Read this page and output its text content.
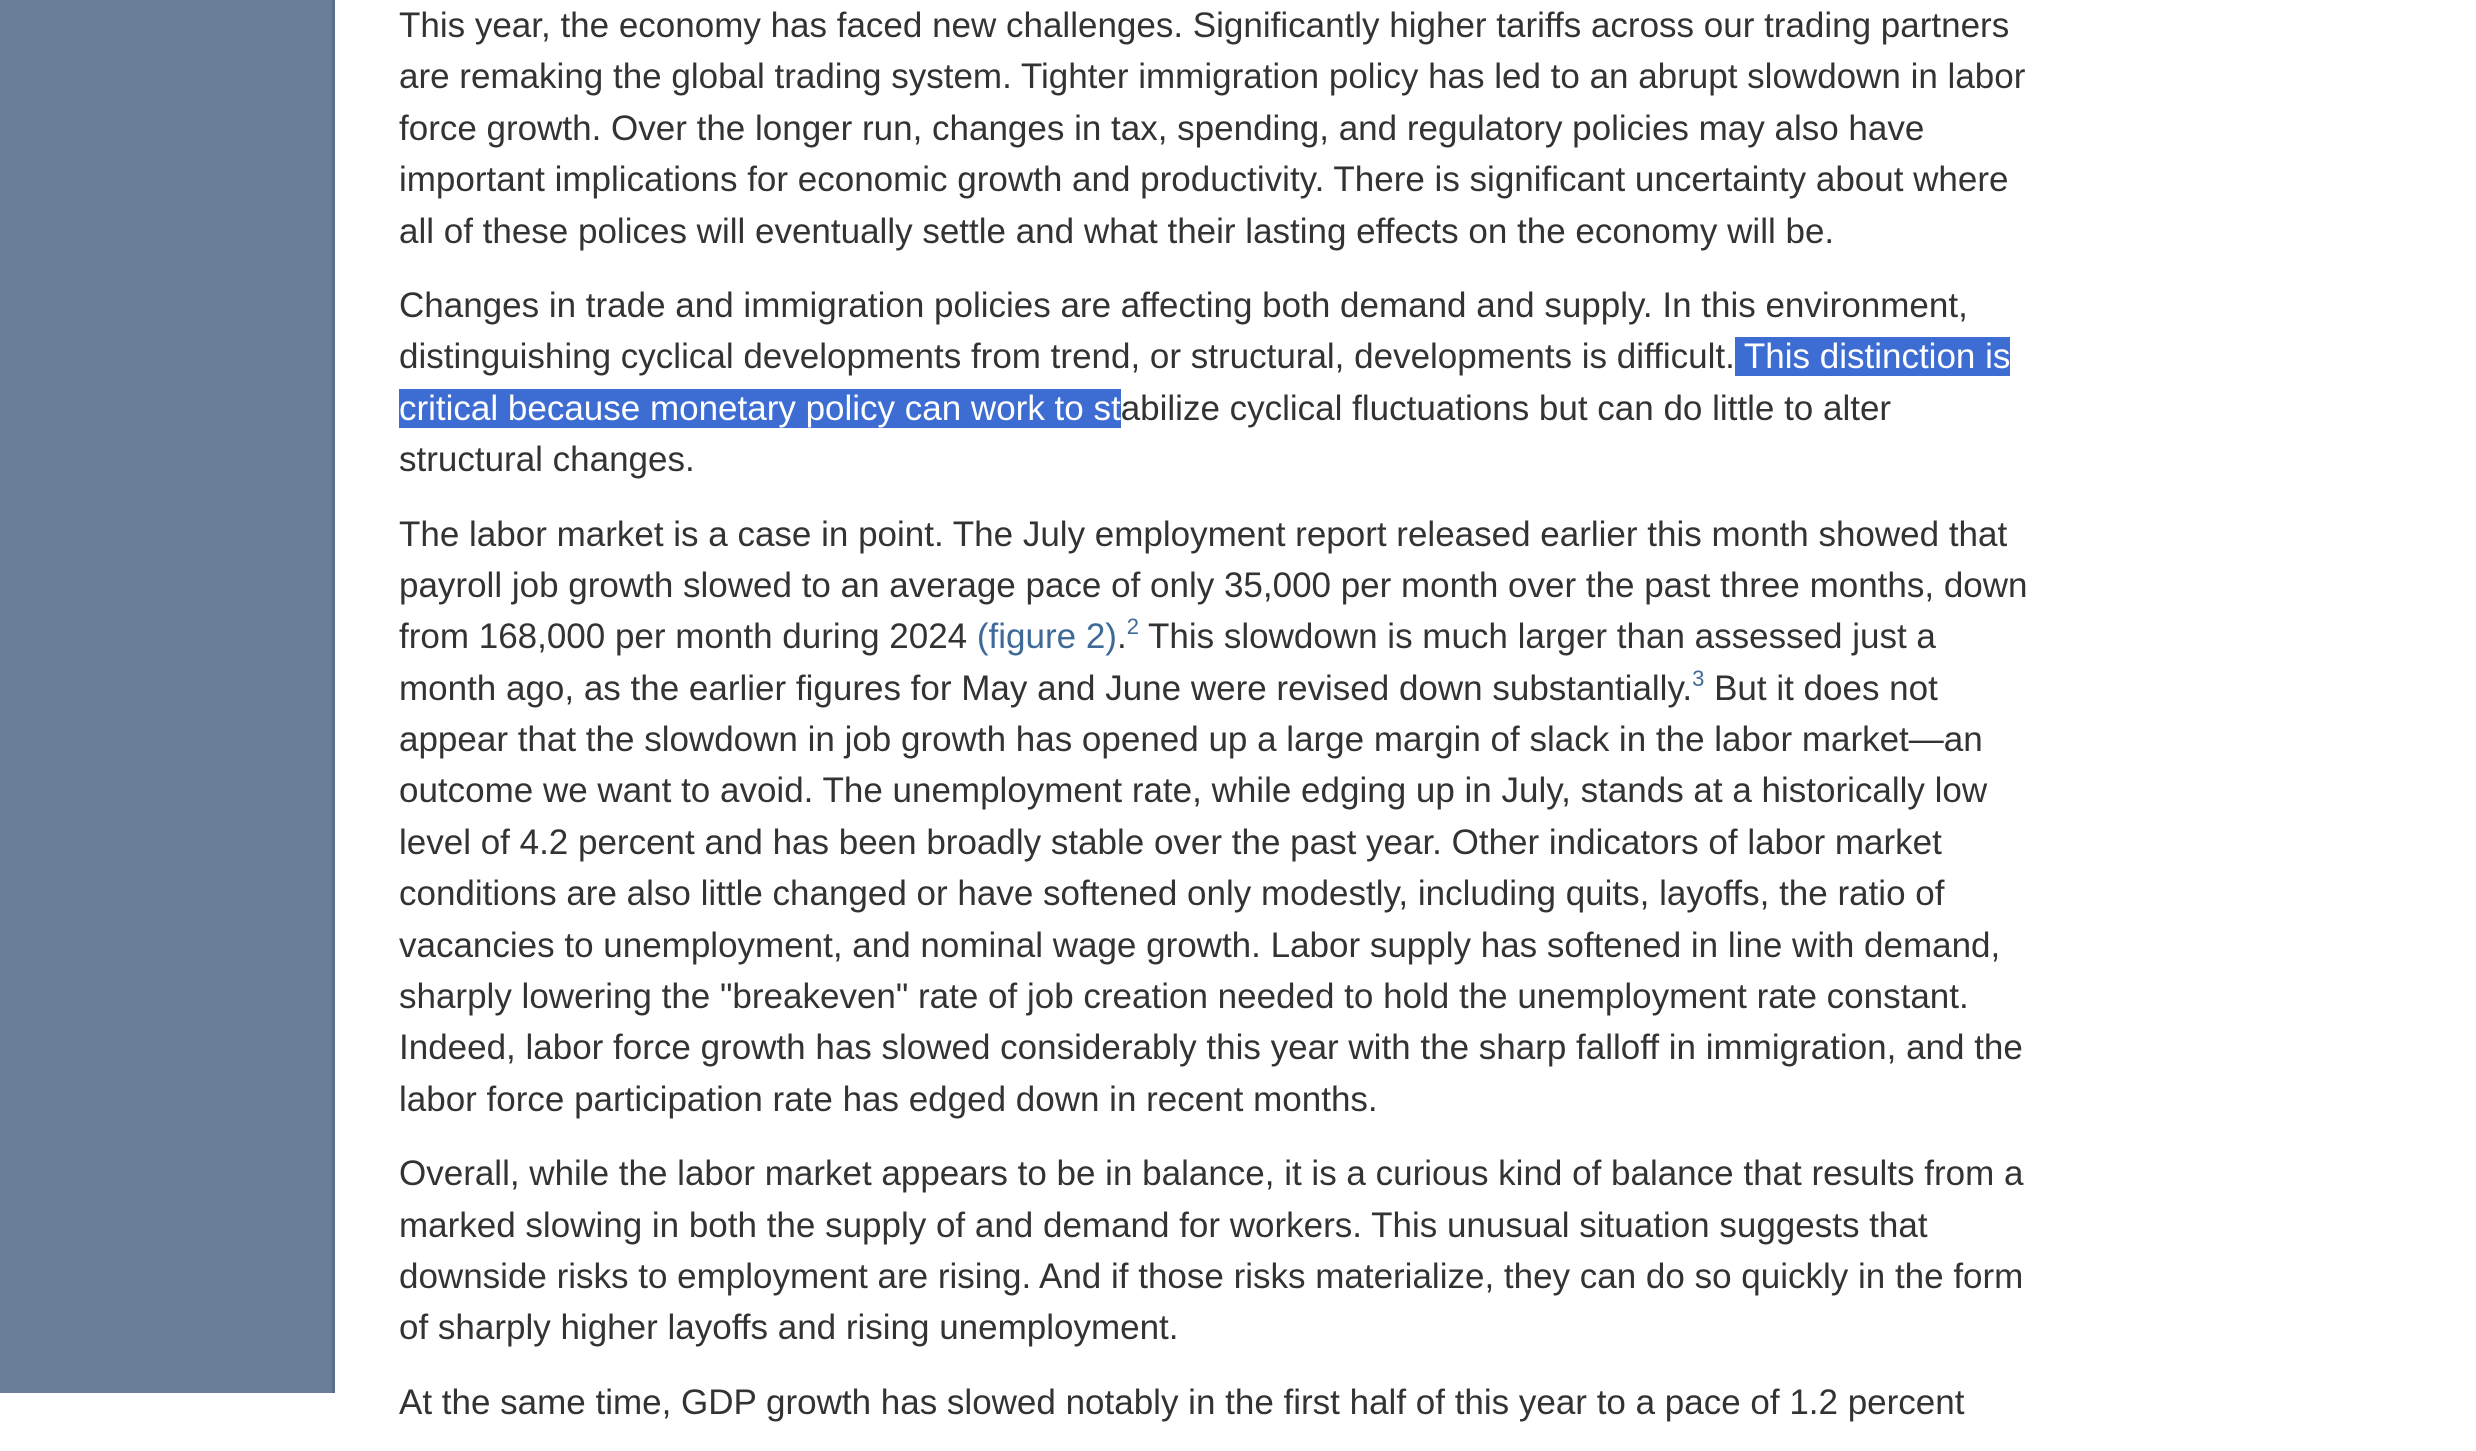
This year, the economy has faced new challenges. Significantly higher tariffs across our trading partners
are remaking the global trading system. Tighter immigration policy has led to an abrupt slowdown in labor
force growth. Over the longer run, changes in tax, spending, and regulatory policies may also have
important implications for economic growth and productivity. There is significant uncertainty about where
all of these polices will eventually settle and what their lasting effects on the economy will be.

Changes in trade and immigration policies are affecting both demand and supply. In this environment,
distinguishing cyclical developments from trend, or structural, developments is difficult. This distinction is
critical because monetary policy can work to stabilize cyclical fluctuations but can do little to alter
structural changes.

The labor market is a case in point. The July employment report released earlier this month showed that
payroll job growth slowed to an average pace of only 35,000 per month over the past three months, down
from 168,000 per month during 2024 (figure 2).$^2$ This slowdown is much larger than assessed just a
month ago, as the earlier figures for May and June were revised down substantially.$^3$ But it does not
appear that the slowdown in job growth has opened up a large margin of slack in the labor market—an
outcome we want to avoid. The unemployment rate, while edging up in July, stands at a historically low
level of 4.2 percent and has been broadly stable over the past year. Other indicators of labor market
conditions are also little changed or have softened only modestly, including quits, layoffs, the ratio of
vacancies to unemployment, and nominal wage growth. Labor supply has softened in line with demand,
sharply lowering the "breakeven" rate of job creation needed to hold the unemployment rate constant.
Indeed, labor force growth has slowed considerably this year with the sharp falloff in immigration, and the
labor force participation rate has edged down in recent months.

Overall, while the labor market appears to be in balance, it is a curious kind of balance that results from a
marked slowing in both the supply of and demand for workers. This unusual situation suggests that
downside risks to employment are rising. And if those risks materialize, they can do so quickly in the form
of sharply higher layoffs and rising unemployment.

At the same time, GDP growth has slowed notably in the first half of this year to a pace of 1.2 percent
